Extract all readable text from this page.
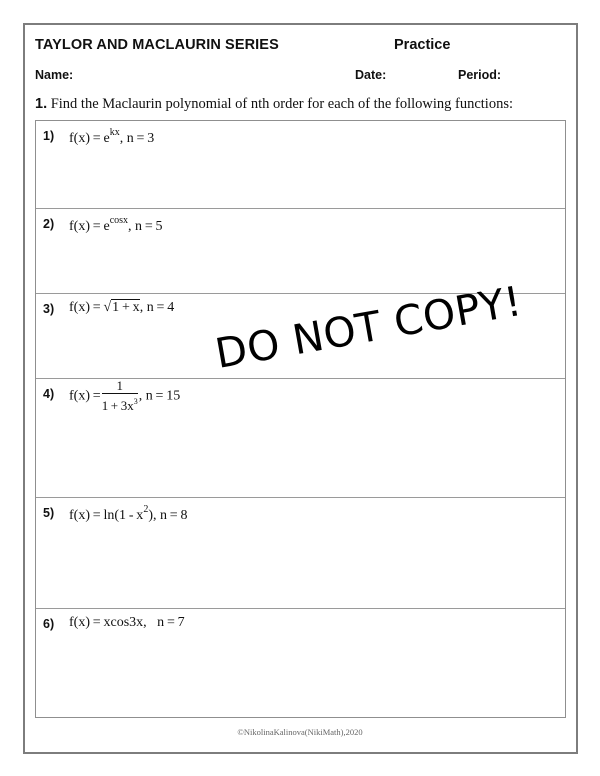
TAYLOR AND MACLAURIN SERIES	Practice
Name:	Date:	Period:
1. Find the Maclaurin polynomial of nth order for each of the following functions:
1) $f(x) = e^{kx}$, n = 3
2) $f(x) = e^{cosx}$, n = 5
3) f(x) = √1 + x, n = 4
4) $f(x) = \frac{1}{1 + 3x^3}$ , n = 15
5) $f(x) = \ln(1 - x^2)$, n = 8
6) f(x) = xcos3x,   n = 7
DO NOT COPY!
©NikolinaKalinova(NikiMath),2020
